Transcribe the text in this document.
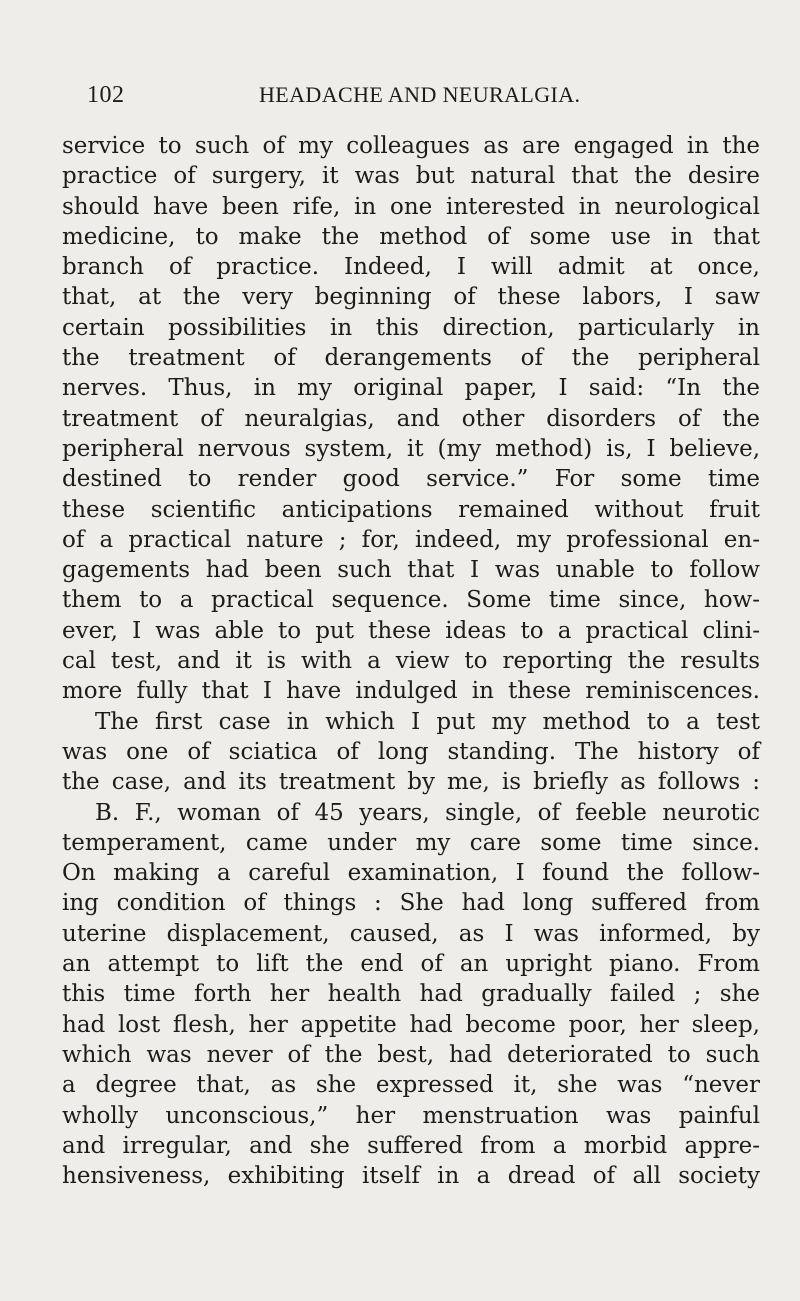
102	HEADACHE AND NEURALGIA.
service to such of my colleagues as are engaged in the
practice of surgery, it was but natural that the desire
should have been rife, in one interested in neurological
medicine, to make the method of some use in that
branch of practice. Indeed, I will admit at once,
that, at the very beginning of these labors, I saw
certain possibilities in this direction, particularly in
the treatment of derangements of the peripheral
nerves. Thus, in my original paper, I said: “In the
treatment of neuralgias, and other disorders of the
peripheral nervous system, it (my method) is, I believe,
destined to render good service.” For some time
these scientific anticipations remained without fruit
of a practical nature ; for, indeed, my professional en-
gagements had been such that I was unable to follow
them to a practical sequence. Some time since, how-
ever, I was able to put these ideas to a practical clini-
cal test, and it is with a view to reporting the results
more fully that I have indulged in these reminiscences.
The first case in which I put my method to a test
was one of sciatica of long standing. The history of
the case, and its treatment by me, is briefly as follows :
B. F., woman of 45 years, single, of feeble neurotic
temperament, came under my care some time since.
On making a careful examination, I found the follow-
ing condition of things : She had long suffered from
uterine displacement, caused, as I was informed, by
an attempt to lift the end of an upright piano. From
this time forth her health had gradually failed ; she
had lost flesh, her appetite had become poor, her sleep,
which was never of the best, had deteriorated to such
a degree that, as she expressed it, she was “never
wholly unconscious,” her menstruation was painful
and irregular, and she suffered from a morbid appre-
hensiveness, exhibiting itself in a dread of all society
